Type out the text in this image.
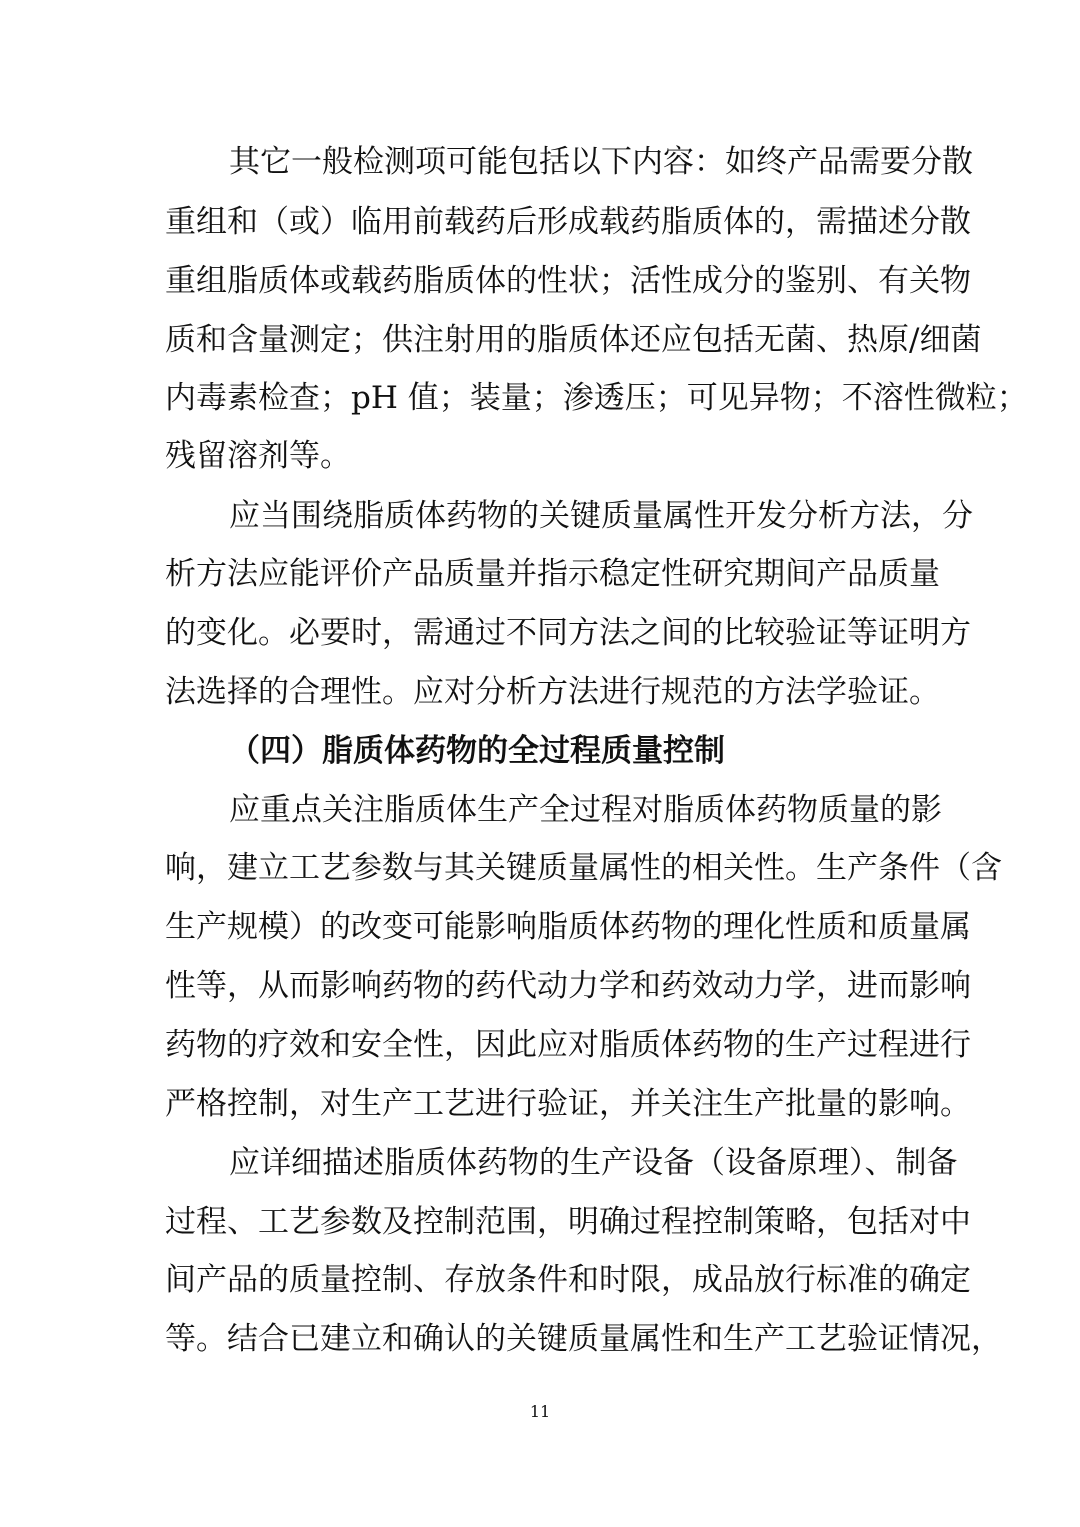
其它一般检测项可能包括以下内容：如终产品需要分散
重组和（或）临用前载药后形成载药脂质体的，需描述分散
重组脂质体或载药脂质体的性状；活性成分的鉴别、有关物
质和含量测定；供注射用的脂质体还应包括无菌、热原/细菌
内毒素检查；pH 值；装量；渗透压；可见异物；不溶性微粒；
残留溶剂等。
应当围绕脂质体药物的关键质量属性开发分析方法，分
析方法应能评价产品质量并指示稳定性研究期间产品质量
的变化。必要时，需通过不同方法之间的比较验证等证明方
法选择的合理性。应对分析方法进行规范的方法学验证。
（四）脂质体药物的全过程质量控制
应重点关注脂质体生产全过程对脂质体药物质量的影
响，建立工艺参数与其关键质量属性的相关性。生产条件（含
生产规模）的改变可能影响脂质体药物的理化性质和质量属
性等，从而影响药物的药代动力学和药效动力学，进而影响
药物的疗效和安全性，因此应对脂质体药物的生产过程进行
严格控制，对生产工艺进行验证，并关注生产批量的影响。
应详细描述脂质体药物的生产设备（设备原理）、制备
过程、工艺参数及控制范围，明确过程控制策略，包括对中
间产品的质量控制、存放条件和时限，成品放行标准的确定
等。结合已建立和确认的关键质量属性和生产工艺验证情况，
11
